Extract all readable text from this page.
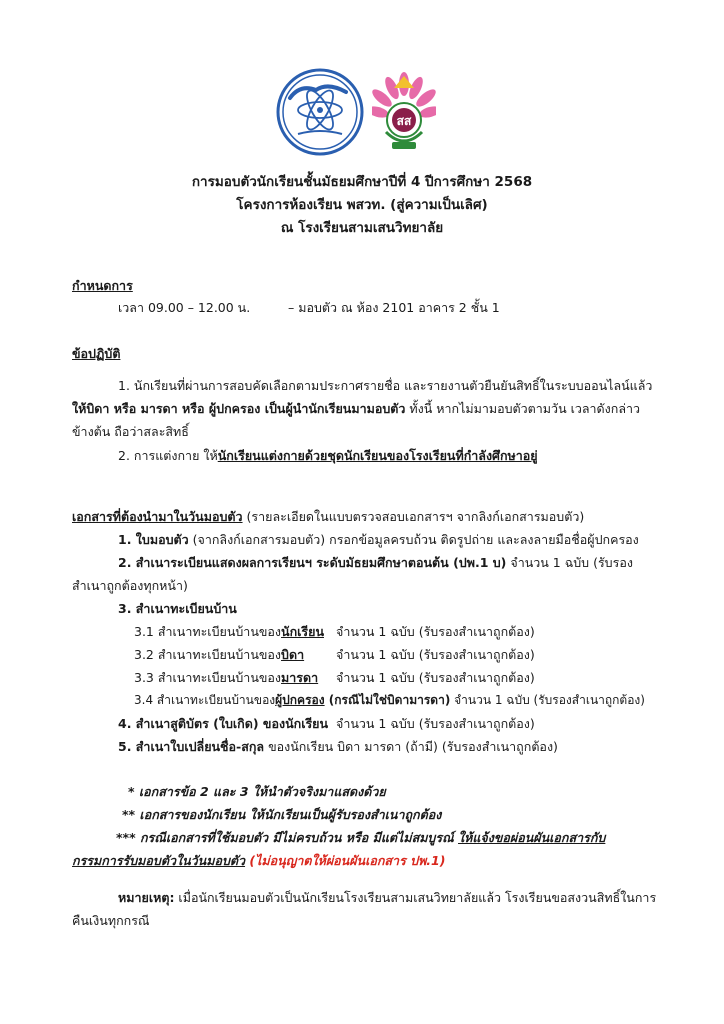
สส
การมอบตัวนักเรียนชั้นมัธยมศึกษาปีที่ 4 ปีการศึกษา 2568
โครงการห้องเรียน พสวท. (สู่ความเป็นเลิศ)
ณ โรงเรียนสามเสนวิทยาลัย
กำหนดการ
เวลา 09.00 – 12.00 น.	– มอบตัว ณ ห้อง 2101 อาคาร 2 ชั้น 1
ข้อปฏิบัติ
1. นักเรียนที่ผ่านการสอบคัดเลือกตามประกาศรายชื่อ และรายงานตัวยืนยันสิทธิ์ในระบบออนไลน์แล้ว
ให้บิดา หรือ มารดา หรือ ผู้ปกครอง เป็นผู้นำนักเรียนมามอบตัว ทั้งนี้ หากไม่มามอบตัวตามวัน เวลาดังกล่าว
ข้างต้น ถือว่าสละสิทธิ์
2. การแต่งกาย ให้นักเรียนแต่งกายด้วยชุดนักเรียนของโรงเรียนที่กำลังศึกษาอยู่
เอกสารที่ต้องนำมาในวันมอบตัว (รายละเอียดในแบบตรวจสอบเอกสารฯ จากลิงก์เอกสารมอบตัว)
1. ใบมอบตัว (จากลิงก์เอกสารมอบตัว) กรอกข้อมูลครบถ้วน ติดรูปถ่าย และลงลายมือชื่อผู้ปกครอง
2. สำเนาระเบียนแสดงผลการเรียนฯ ระดับมัธยมศึกษาตอนต้น (ปพ.1 บ) จำนวน 1 ฉบับ (รับรอง
สำเนาถูกต้องทุกหน้า)
3. สำเนาทะเบียนบ้าน
3.1 สำเนาทะเบียนบ้านของนักเรียน จำนวน 1 ฉบับ (รับรองสำเนาถูกต้อง)
3.2 สำเนาทะเบียนบ้านของบิดา	จำนวน 1 ฉบับ (รับรองสำเนาถูกต้อง)
3.3 สำเนาทะเบียนบ้านของมารดา จำนวน 1 ฉบับ (รับรองสำเนาถูกต้อง)
3.4 สำเนาทะเบียนบ้านของผู้ปกครอง (กรณีไม่ใช่บิดามารดา) จำนวน 1 ฉบับ (รับรองสำเนาถูกต้อง)
4. สำเนาสูติบัตร (ใบเกิด) ของนักเรียน จำนวน 1 ฉบับ (รับรองสำเนาถูกต้อง)
5. สำเนาใบเปลี่ยนชื่อ-สกุล ของนักเรียน บิดา มารดา (ถ้ามี) (รับรองสำเนาถูกต้อง)
* เอกสารข้อ 2 และ 3 ให้นำตัวจริงมาแสดงด้วย
** เอกสารของนักเรียน ให้นักเรียนเป็นผู้รับรองสำเนาถูกต้อง
*** กรณีเอกสารที่ใช้มอบตัว มีไม่ครบถ้วน หรือ มีแต่ไม่สมบูรณ์ ให้แจ้งขอผ่อนผันเอกสารกับ
กรรมการรับมอบตัวในวันมอบตัว (ไม่อนุญาตให้ผ่อนผันเอกสาร ปพ.1)
หมายเหตุ: เมื่อนักเรียนมอบตัวเป็นนักเรียนโรงเรียนสามเสนวิทยาลัยแล้ว โรงเรียนขอสงวนสิทธิ์ในการ
คืนเงินทุกกรณี
